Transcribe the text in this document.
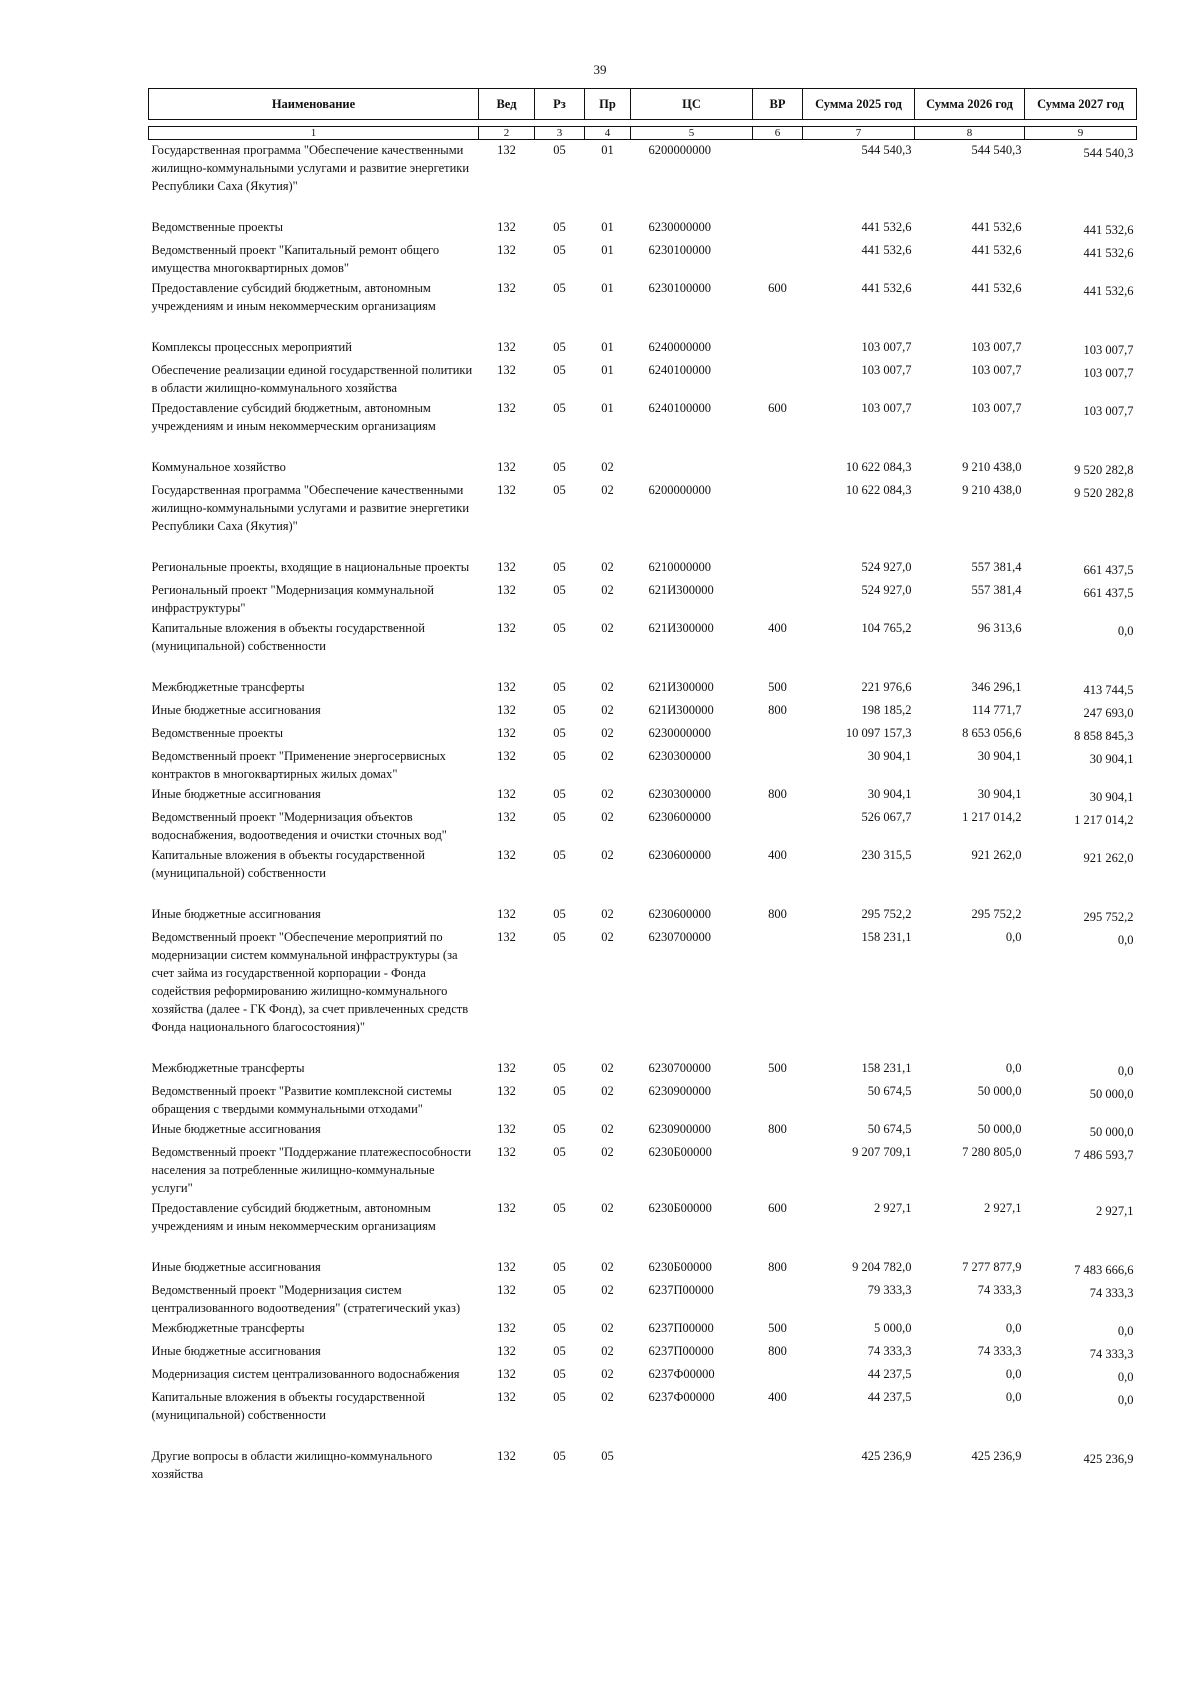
39
Наименование	Вед	Рз	Пр	ЦС	ВР	Сумма 2025 год	Сумма 2026 год	Сумма 2027 год

1	2	3	4	5	6	7	8	9
Государственная программа "Обеспечение качественными жилищно-коммунальными услугами и развитие энергетики Республики Саха (Якутия)"	132	05	01	6200000000		544 540,3	544 540,3	544 540,3
Ведомственные проекты	132	05	01	6230000000		441 532,6	441 532,6	441 532,6
Ведомственный проект "Капитальный ремонт общего имущества многоквартирных домов"	132	05	01	6230100000		441 532,6	441 532,6	441 532,6
Предоставление субсидий бюджетным, автономным учреждениям и иным некоммерческим организациям	132	05	01	6230100000	600	441 532,6	441 532,6	441 532,6
Комплексы процессных мероприятий	132	05	01	6240000000		103 007,7	103 007,7	103 007,7
Обеспечение реализации единой государственной политики в области жилищно-коммунального хозяйства	132	05	01	6240100000		103 007,7	103 007,7	103 007,7
Предоставление субсидий бюджетным, автономным учреждениям и иным некоммерческим организациям	132	05	01	6240100000	600	103 007,7	103 007,7	103 007,7
Коммунальное хозяйство	132	05	02			10 622 084,3	9 210 438,0	9 520 282,8
Государственная программа "Обеспечение качественными жилищно-коммунальными услугами и развитие энергетики Республики Саха (Якутия)"	132	05	02	6200000000		10 622 084,3	9 210 438,0	9 520 282,8
Региональные проекты, входящие в национальные проекты	132	05	02	6210000000		524 927,0	557 381,4	661 437,5
Региональный проект "Модернизация коммунальной инфраструктуры"	132	05	02	621И300000		524 927,0	557 381,4	661 437,5
Капитальные вложения в объекты государственной (муниципальной) собственности	132	05	02	621И300000	400	104 765,2	96 313,6	0,0
Межбюджетные трансферты	132	05	02	621И300000	500	221 976,6	346 296,1	413 744,5
Иные бюджетные ассигнования	132	05	02	621И300000	800	198 185,2	114 771,7	247 693,0
Ведомственные проекты	132	05	02	6230000000		10 097 157,3	8 653 056,6	8 858 845,3
Ведомственный проект "Применение энергосервисных контрактов в многоквартирных жилых домах"	132	05	02	6230300000		30 904,1	30 904,1	30 904,1
Иные бюджетные ассигнования	132	05	02	6230300000	800	30 904,1	30 904,1	30 904,1
Ведомственный проект "Модернизация объектов водоснабжения, водоотведения и очистки сточных вод"	132	05	02	6230600000		526 067,7	1 217 014,2	1 217 014,2
Капитальные вложения в объекты государственной (муниципальной) собственности	132	05	02	6230600000	400	230 315,5	921 262,0	921 262,0
Иные бюджетные ассигнования	132	05	02	6230600000	800	295 752,2	295 752,2	295 752,2
Ведомственный проект "Обеспечение мероприятий по модернизации систем коммунальной инфраструктуры (за счет займа из государственной корпорации - Фонда содействия реформированию жилищно-коммунального хозяйства (далее - ГК Фонд), за счет привлеченных средств Фонда национального благосостояния)"	132	05	02	6230700000		158 231,1	0,0	0,0
Межбюджетные трансферты	132	05	02	6230700000	500	158 231,1	0,0	0,0
Ведомственный проект "Развитие комплексной системы обращения с твердыми коммунальными отходами"	132	05	02	6230900000		50 674,5	50 000,0	50 000,0
Иные бюджетные ассигнования	132	05	02	6230900000	800	50 674,5	50 000,0	50 000,0
Ведомственный проект "Поддержание платежеспособности населения за потребленные жилищно-коммунальные услуги"	132	05	02	6230Б00000		9 207 709,1	7 280 805,0	7 486 593,7
Предоставление субсидий бюджетным, автономным учреждениям и иным некоммерческим организациям	132	05	02	6230Б00000	600	2 927,1	2 927,1	2 927,1
Иные бюджетные ассигнования	132	05	02	6230Б00000	800	9 204 782,0	7 277 877,9	7 483 666,6
Ведомственный проект "Модернизация систем централизованного водоотведения" (стратегический указ)	132	05	02	6237П00000		79 333,3	74 333,3	74 333,3
Межбюджетные трансферты	132	05	02	6237П00000	500	5 000,0	0,0	0,0
Иные бюджетные ассигнования	132	05	02	6237П00000	800	74 333,3	74 333,3	74 333,3
Модернизация систем централизованного водоснабжения	132	05	02	6237Ф00000		44 237,5	0,0	0,0
Капитальные вложения в объекты государственной (муниципальной) собственности	132	05	02	6237Ф00000	400	44 237,5	0,0	0,0
Другие вопросы в области жилищно-коммунального хозяйства	132	05	05			425 236,9	425 236,9	425 236,9
